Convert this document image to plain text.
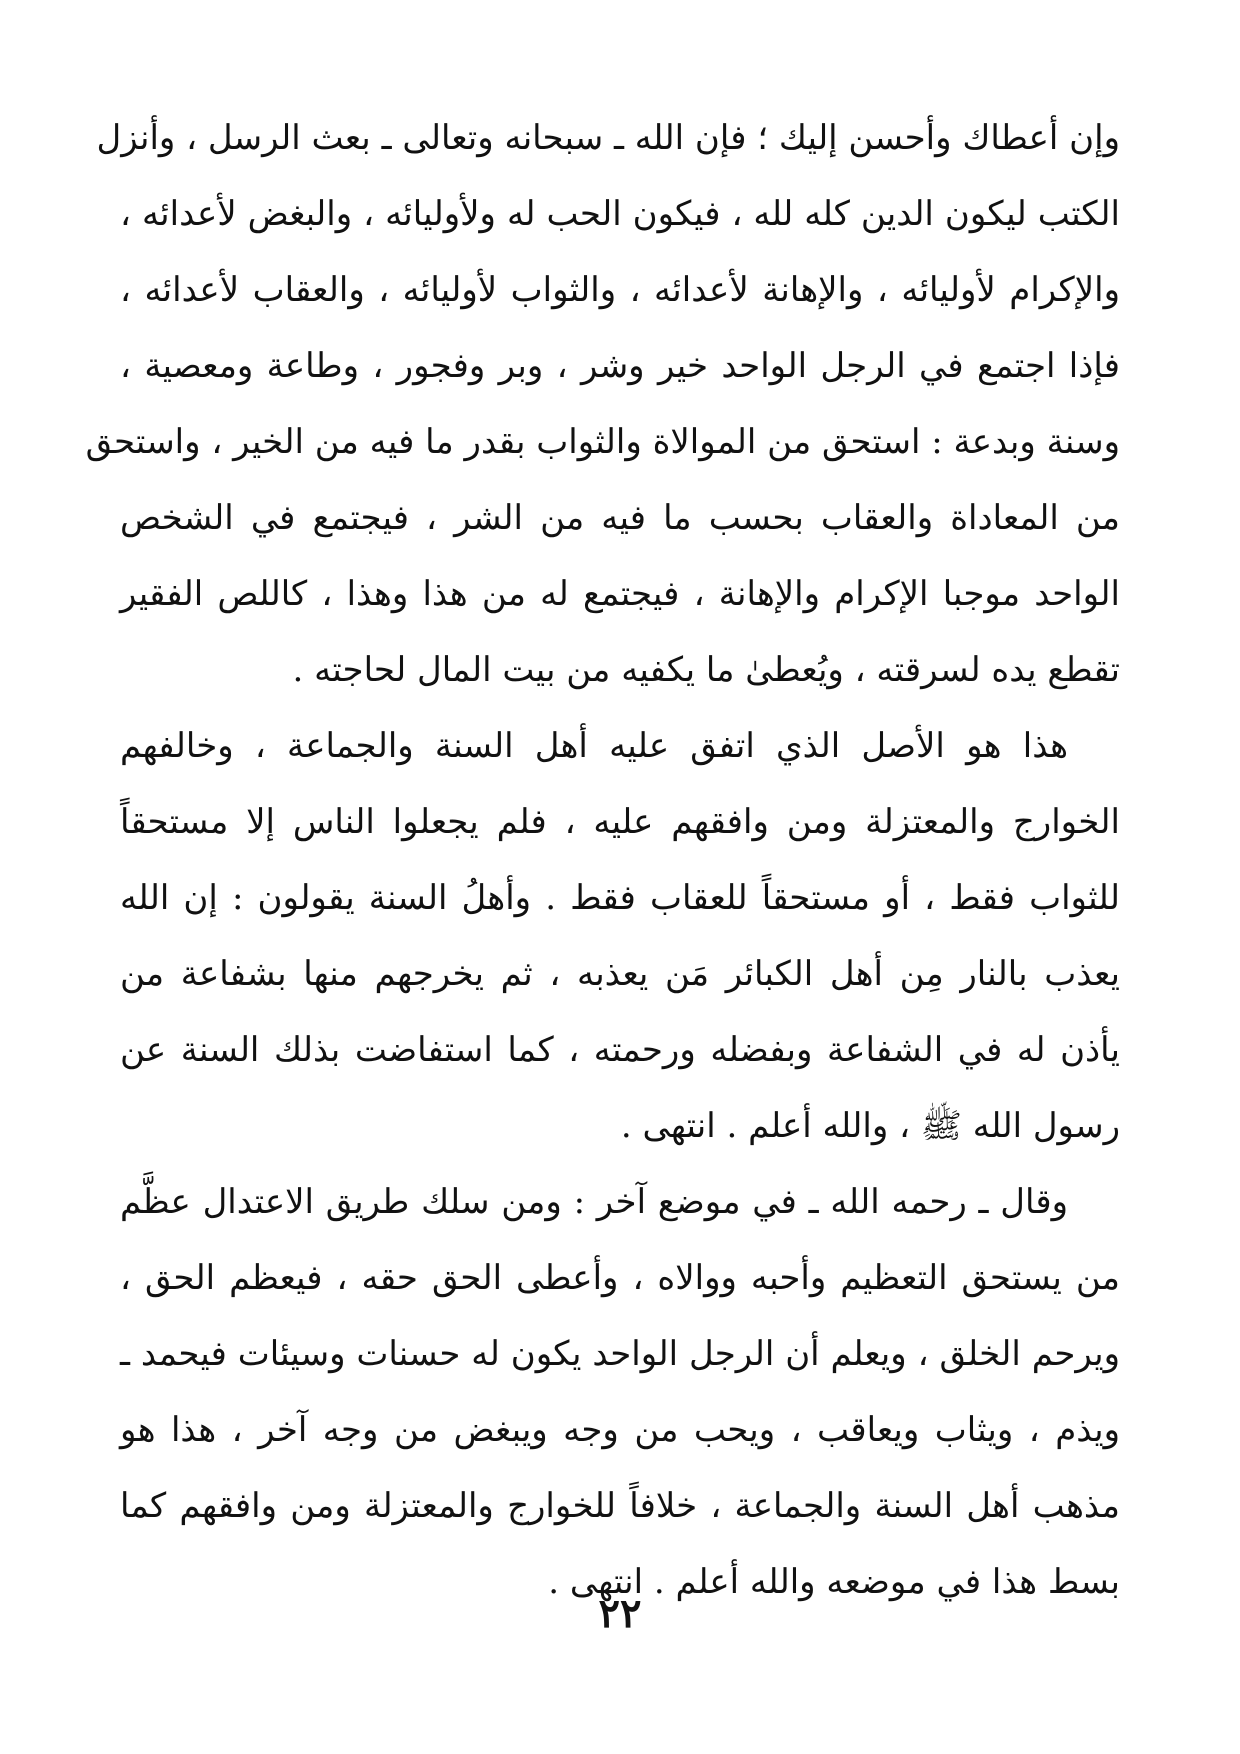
وإن أعطاك وأحسن إليك ؛ فإن الله ـ سبحانه وتعالى ـ بعث الرسل ، وأنزل
الكتب ليكون الدين كله لله ، فيكون الحب له ولأوليائه ، والبغض لأعدائه ،
والإكرام لأوليائه ، والإهانة لأعدائه ، والثواب لأوليائه ، والعقاب لأعدائه ،
فإذا اجتمع في الرجل الواحد خير وشر ، وبر وفجور ، وطاعة ومعصية ،
وسنة وبدعة : استحق من الموالاة والثواب بقدر ما فيه من الخير ، واستحق
من المعاداة والعقاب بحسب ما فيه من الشر ، فيجتمع في الشخص
الواحد موجبا الإكرام والإهانة ، فيجتمع له من هذا وهذا ، كاللص الفقير
تقطع يده لسرقته ، ويُعطىٰ ما يكفيه من بيت المال لحاجته .
هذا هو الأصل الذي اتفق عليه أهل السنة والجماعة ، وخالفهم
الخوارج والمعتزلة ومن وافقهم عليه ، فلم يجعلوا الناس إلا مستحقاً
للثواب فقط ، أو مستحقاً للعقاب فقط . وأهلُ السنة يقولون : إن الله
يعذب بالنار مِن أهل الكبائر مَن يعذبه ، ثم يخرجهم منها بشفاعة من
يأذن له في الشفاعة وبفضله ورحمته ، كما استفاضت بذلك السنة عن
رسول الله ﷺ ، والله أعلم . انتهى .
وقال ـ رحمه الله ـ في موضع آخر : ومن سلك طريق الاعتدال عظَّم
من يستحق التعظيم وأحبه ووالاه ، وأعطى الحق حقه ، فيعظم الحق ،
ويرحم الخلق ، ويعلم أن الرجل الواحد يكون له حسنات وسيئات فيحمد ـ
ويذم ، ويثاب ويعاقب ، ويحب من وجه ويبغض من وجه آخر ، هذا هو
مذهب أهل السنة والجماعة ، خلافاً للخوارج والمعتزلة ومن وافقهم كما
بسط هذا في موضعه والله أعلم . انتهى .
٢٢
